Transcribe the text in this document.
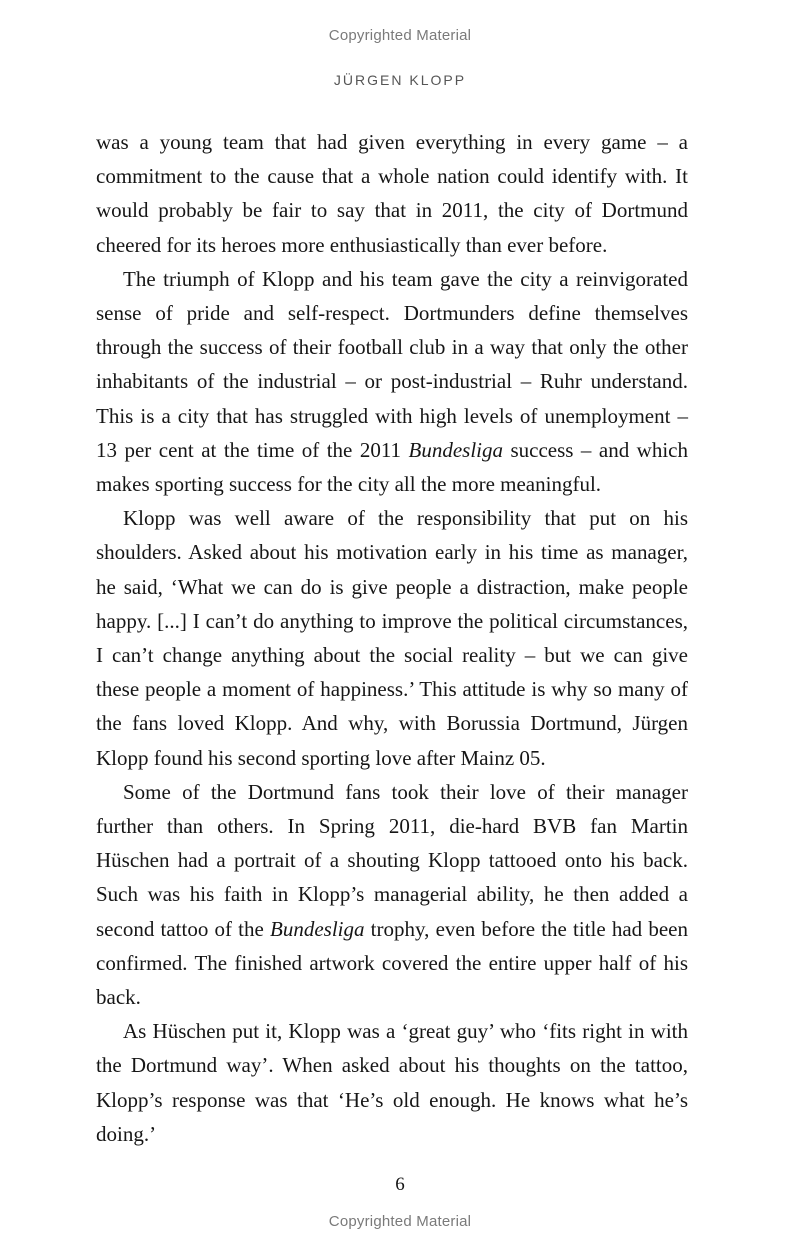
Copyrighted Material
JÜRGEN KLOPP

was a young team that had given everything in every game – a commitment to the cause that a whole nation could identify with. It would probably be fair to say that in 2011, the city of Dortmund cheered for its heroes more enthusiastically than ever before.

The triumph of Klopp and his team gave the city a reinvigorated sense of pride and self-respect. Dortmunders define themselves through the success of their football club in a way that only the other inhabitants of the industrial – or post-industrial – Ruhr understand. This is a city that has struggled with high levels of unemployment – 13 per cent at the time of the 2011 Bundesliga success – and which makes sporting success for the city all the more meaningful.

Klopp was well aware of the responsibility that put on his shoulders. Asked about his motivation early in his time as manager, he said, ‘What we can do is give people a distraction, make people happy. [...] I can’t do anything to improve the political circumstances, I can’t change anything about the social reality – but we can give these people a moment of happiness.’ This attitude is why so many of the fans loved Klopp. And why, with Borussia Dortmund, Jürgen Klopp found his second sporting love after Mainz 05.

Some of the Dortmund fans took their love of their manager further than others. In Spring 2011, die-hard BVB fan Martin Hüschen had a portrait of a shouting Klopp tattooed onto his back. Such was his faith in Klopp’s managerial ability, he then added a second tattoo of the Bundesliga trophy, even before the title had been confirmed. The finished artwork covered the entire upper half of his back.

As Hüschen put it, Klopp was a ‘great guy’ who ‘fits right in with the Dortmund way’. When asked about his thoughts on the tattoo, Klopp’s response was that ‘He’s old enough. He knows what he’s doing.’

6
Copyrighted Material
